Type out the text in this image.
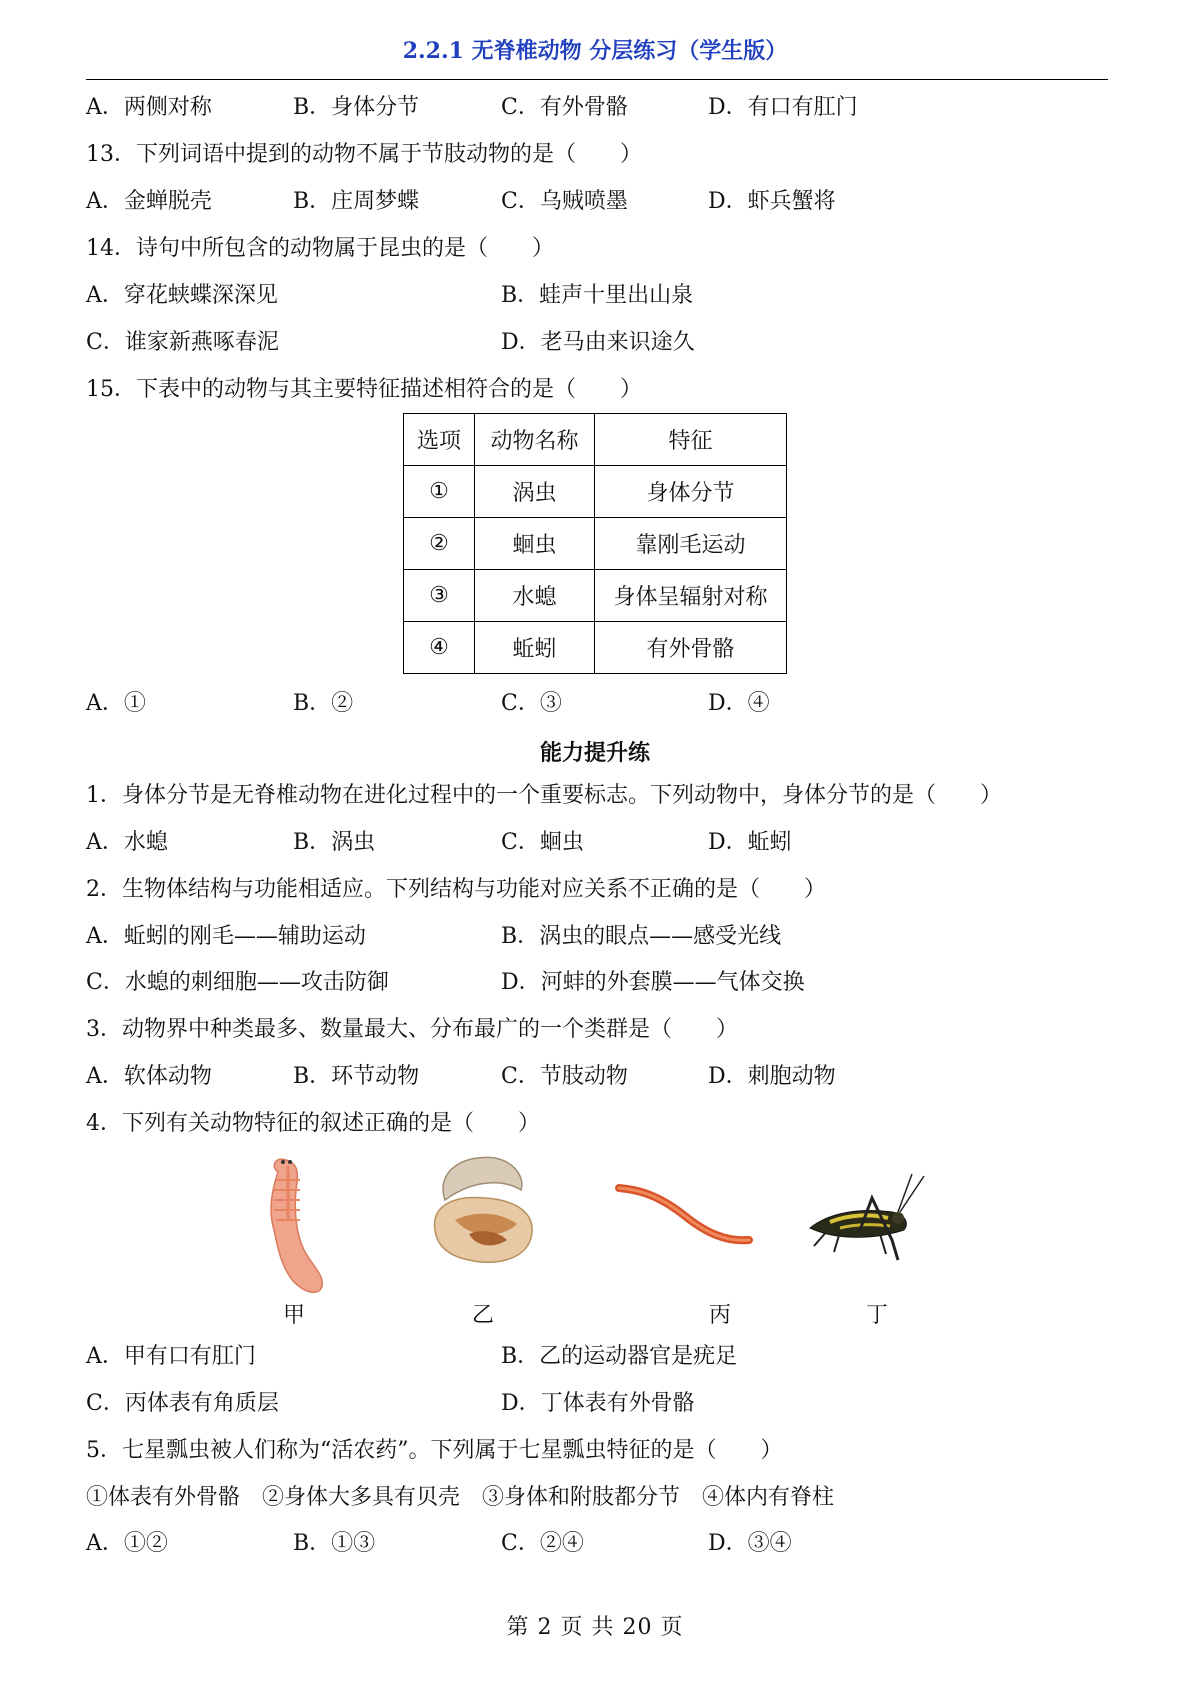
2.2.1 无脊椎动物 分层练习（学生版）
A．两侧对称	B．身体分节	C．有外骨骼	D．有口有肛门
13．下列词语中提到的动物不属于节肢动物的是（　　）
A．金蝉脱壳	B．庄周梦蝶	C．乌贼喷墨	D．虾兵蟹将
14．诗句中所包含的动物属于昆虫的是（　　）
A．穿花蛱蝶深深见	B．蛙声十里出山泉
C．谁家新燕啄春泥	D．老马由来识途久
15．下表中的动物与其主要特征描述相符合的是（　　）
选项	动物名称	特征
①	涡虫	身体分节
②	蛔虫	靠刚毛运动
③	水螅	身体呈辐射对称
④	蚯蚓	有外骨骼
A．①	B．②	C．③	D．④
能力提升练
1．身体分节是无脊椎动物在进化过程中的一个重要标志。下列动物中，身体分节的是（　　）
A．水螅	B．涡虫	C．蛔虫	D．蚯蚓
2．生物体结构与功能相适应。下列结构与功能对应关系不正确的是（　　）
A．蚯蚓的刚毛——辅助运动	B．涡虫的眼点——感受光线
C．水螅的刺细胞——攻击防御	D．河蚌的外套膜——气体交换
3．动物界中种类最多、数量最大、分布最广的一个类群是（　　）
A．软体动物	B．环节动物	C．节肢动物	D．刺胞动物
4．下列有关动物特征的叙述正确的是（　　）
甲	乙	丙	丁
A．甲有口有肛门	B．乙的运动器官是疣足
C．丙体表有角质层	D．丁体表有外骨骼
5．七星瓢虫被人们称为“活农药”。下列属于七星瓢虫特征的是（　　）
①体表有外骨骼　②身体大多具有贝壳　③身体和附肢都分节　④体内有脊柱
A．①②	B．①③	C．②④	D．③④
第 2 页 共 20 页
